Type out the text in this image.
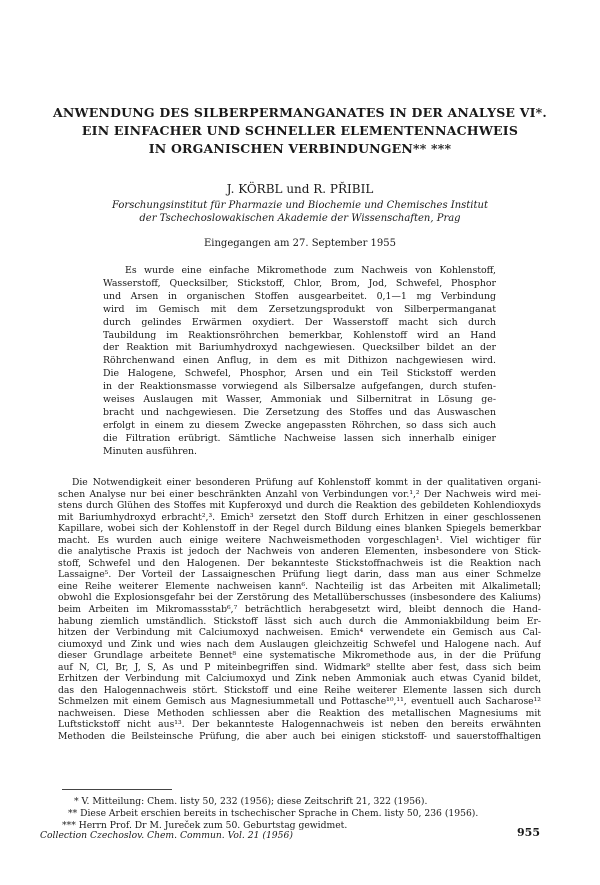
ANWENDUNG DES SILBERPERMANGANATES IN DER ANALYSE VI*.
EIN EINFACHER UND SCHNELLER ELEMENTENNACHWEIS
IN ORGANISCHEN VERBINDUNGEN** ***
J. KÖRBL und R. PŘIBIL
Forschungsinstitut für Pharmazie und Biochemie und Chemisches Institut
der Tschechoslowakischen Akademie der Wissenschaften, Prag
Eingegangen am 27. September 1955
Es wurde eine einfache Mikromethode zum Nachweis von Kohlenstoff,
Wasserstoff, Quecksilber, Stickstoff, Chlor, Brom, Jod, Schwefel, Phosphor
und Arsen in organischen Stoffen ausgearbeitet. 0,1—1 mg Verbindung
wird im Gemisch mit dem Zersetzungsprodukt von Silberpermanganat
durch gelindes Erwärmen oxydiert. Der Wasserstoff macht sich durch
Taubildung im Reaktionsröhrchen bemerkbar, Kohlenstoff wird an Hand
der Reaktion mit Bariumhydroxyd nachgewiesen. Quecksilber bildet an der
Röhrchenwand einen Anflug, in dem es mit Dithizon nachgewiesen wird.
Die Halogene, Schwefel, Phosphor, Arsen und ein Teil Stickstoff werden
in der Reaktionsmasse vorwiegend als Silbersalze aufgefangen, durch stufen-
weises Auslaugen mit Wasser, Ammoniak und Silbernitrat in Lösung ge-
bracht und nachgewiesen. Die Zersetzung des Stoffes und das Auswaschen
erfolgt in einem zu diesem Zwecke angepassten Röhrchen, so dass sich auch
die Filtration erübrigt. Sämtliche Nachweise lassen sich innerhalb einiger
Minuten ausführen.
Die Notwendigkeit einer besonderen Prüfung auf Kohlenstoff kommt in der qualitativen organi-
schen Analyse nur bei einer beschränkten Anzahl von Verbindungen vor.¹,² Der Nachweis wird mei-
stens durch Glühen des Stoffes mit Kupferoxyd und durch die Reaktion des gebildeten Kohlendioxyds
mit Bariumhydroxyd erbracht²,³. Emich³ zersetzt den Stoff durch Erhitzen in einer geschlossenen
Kapillare, wobei sich der Kohlenstoff in der Regel durch Bildung eines blanken Spiegels bemerkbar
macht. Es wurden auch einige weitere Nachweismethoden vorgeschlagen¹. Viel wichtiger für
die analytische Praxis ist jedoch der Nachweis von anderen Elementen, insbesondere von Stick-
stoff, Schwefel und den Halogenen. Der bekannteste Stickstoffnachweis ist die Reaktion nach
Lassaigne⁵. Der Vorteil der Lassaigneschen Prüfung liegt darin, dass man aus einer Schmelze
eine Reihe weiterer Elemente nachweisen kann⁶. Nachteilig ist das Arbeiten mit Alkalimetall;
obwohl die Explosionsgefahr bei der Zerstörung des Metallüberschusses (insbesondere des Kaliums)
beim Arbeiten im Mikromassstab⁶,⁷ beträchtlich herabgesetzt wird, bleibt dennoch die Hand-
habung ziemlich umständlich. Stickstoff lässt sich auch durch die Ammoniakbildung beim Er-
hitzen der Verbindung mit Calciumoxyd nachweisen. Emich⁴ verwendete ein Gemisch aus Cal-
ciumoxyd und Zink und wies nach dem Auslaugen gleichzeitig Schwefel und Halogene nach. Auf
dieser Grundlage arbeitete Bennet⁸ eine systematische Mikromethode aus, in der die Prüfung
auf N, Cl, Br, J, S, As und P miteinbegriffen sind. Widmark⁹ stellte aber fest, dass sich beim
Erhitzen der Verbindung mit Calciumoxyd und Zink neben Ammoniak auch etwas Cyanid bildet,
das den Halogennachweis stört. Stickstoff und eine Reihe weiterer Elemente lassen sich durch
Schmelzen mit einem Gemisch aus Magnesiummetall und Pottasche¹⁰,¹¹, eventuell auch Sacharose¹²
nachweisen. Diese Methoden schliessen aber die Reaktion des metallischen Magnesiums mit
Luftstickstoff nicht aus¹³. Der bekannteste Halogennachweis ist neben den bereits erwähnten
Methoden die Beilsteinsche Prüfung, die aber auch bei einigen stickstoff- und sauerstoffhaltigen
* V. Mitteilung: Chem. listy 50, 232 (1956); diese Zeitschrift 21, 322 (1956).
** Diese Arbeit erschien bereits in tschechischer Sprache in Chem. listy 50, 236 (1956).
*** Herrn Prof. Dr M. Jureček zum 50. Geburtstag gewidmet.
Collection Czechoslov. Chem. Commun. Vol. 21 (1956)	955
